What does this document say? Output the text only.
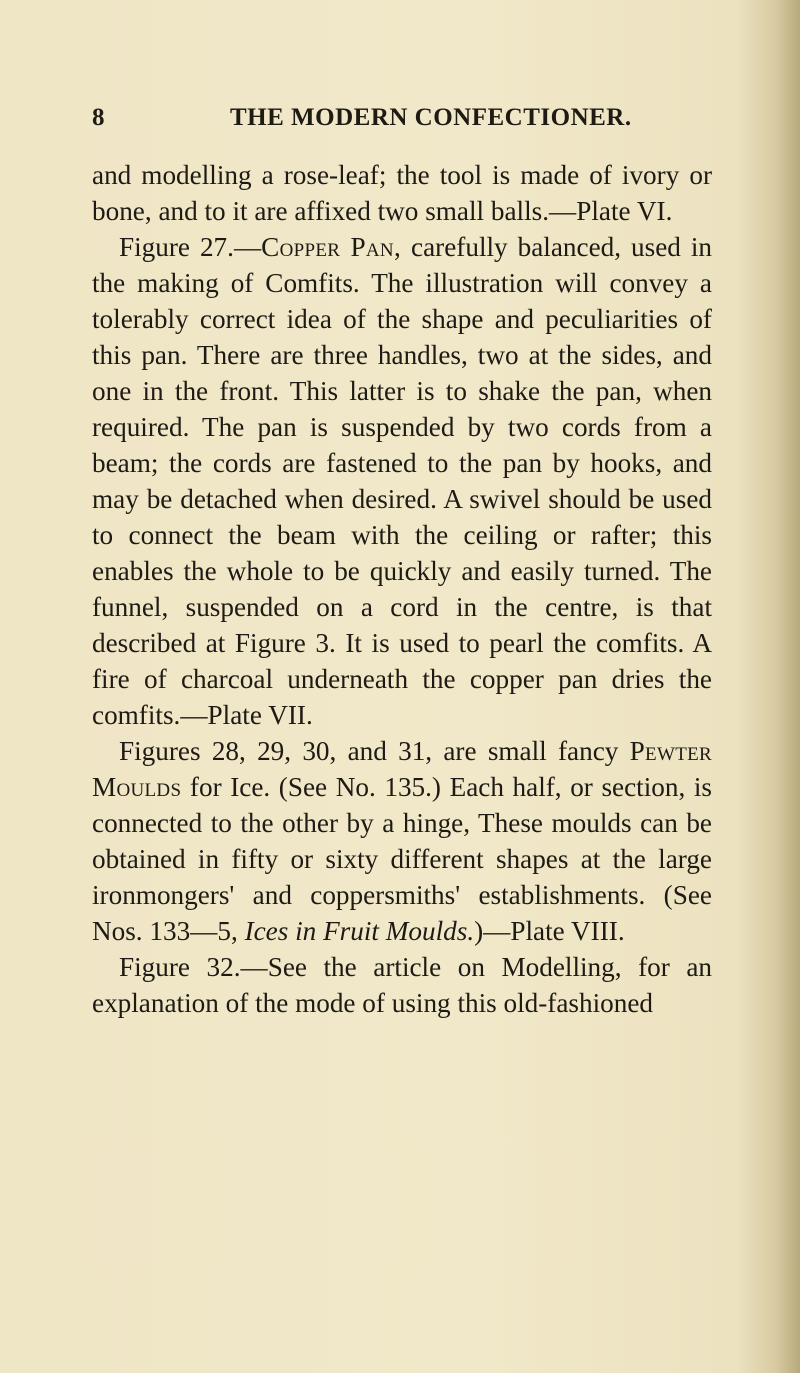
8	THE MODERN CONFECTIONER.

and modelling a rose-leaf; the tool is made of ivory or bone, and to it are affixed two small balls.—Plate VI.

Figure 27.—Copper Pan, carefully balanced, used in the making of Comfits. The illustration will convey a tolerably correct idea of the shape and peculiarities of this pan. There are three handles, two at the sides, and one in the front. This latter is to shake the pan, when required. The pan is suspended by two cords from a beam; the cords are fastened to the pan by hooks, and may be detached when desired. A swivel should be used to connect the beam with the ceiling or rafter; this enables the whole to be quickly and easily turned. The funnel, suspended on a cord in the centre, is that described at Figure 3. It is used to pearl the comfits. A fire of charcoal underneath the copper pan dries the comfits.—Plate VII.

Figures 28, 29, 30, and 31, are small fancy Pewter Moulds for Ice. (See No. 135.) Each half, or section, is connected to the other by a hinge, These moulds can be obtained in fifty or sixty different shapes at the large ironmongers' and coppersmiths' establishments. (See Nos. 133—5, Ices in Fruit Moulds.)—Plate VIII.

Figure 32.—See the article on Modelling, for an explanation of the mode of using this old-fashioned
